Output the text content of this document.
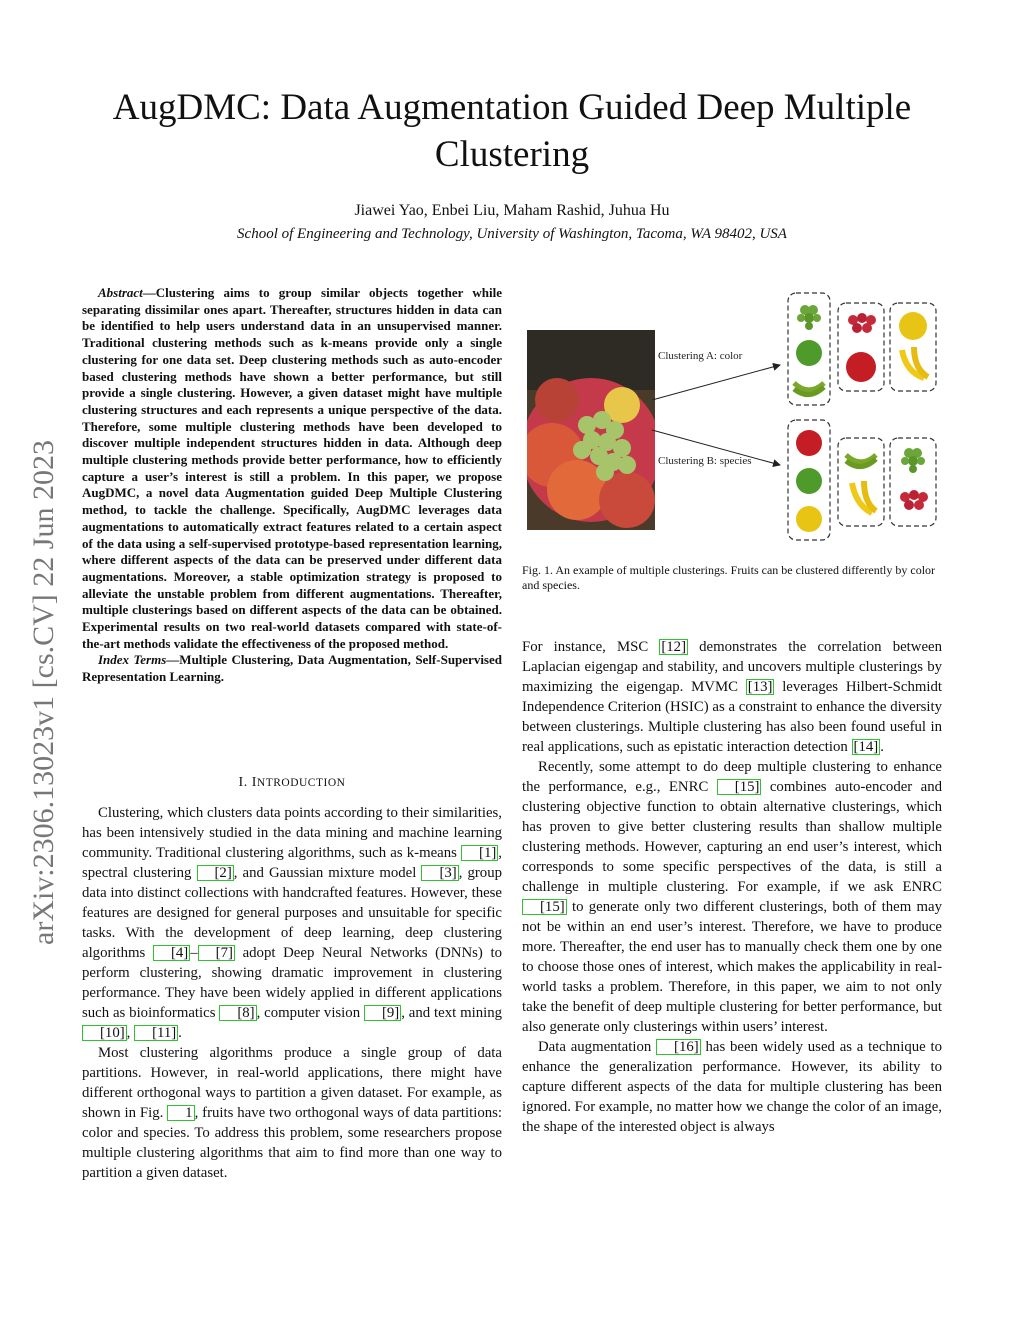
AugDMC: Data Augmentation Guided Deep Multiple Clustering
Jiawei Yao, Enbei Liu, Maham Rashid, Juhua Hu
School of Engineering and Technology, University of Washington, Tacoma, WA 98402, USA
arXiv:2306.13023v1 [cs.CV] 22 Jun 2023

Abstract—Clustering aims to group similar objects together while separating dissimilar ones apart. Thereafter, structures hidden in data can be identified to help users understand data in an unsupervised manner. Traditional clustering methods such as k-means provide only a single clustering for one data set. Deep clustering methods such as auto-encoder based clustering methods have shown a better performance, but still provide a single clustering. However, a given dataset might have multiple clustering structures and each represents a unique perspective of the data. Therefore, some multiple clustering methods have been developed to discover multiple independent structures hidden in data. Although deep multiple clustering methods provide better performance, how to efficiently capture a user’s interest is still a problem. In this paper, we propose AugDMC, a novel data Augmentation guided Deep Multiple Clustering method, to tackle the challenge. Specifically, AugDMC leverages data augmentations to automatically extract features related to a certain aspect of the data using a self-supervised prototype-based representation learning, where different aspects of the data can be preserved under different data augmentations. Moreover, a stable optimization strategy is proposed to alleviate the unstable problem from different augmentations. Thereafter, multiple clusterings based on different aspects of the data can be obtained. Experimental results on two real-world datasets compared with state-of-the-art methods validate the effectiveness of the proposed method.

Index Terms—Multiple Clustering, Data Augmentation, Self-Supervised Representation Learning.

I. INTRODUCTION

Clustering, which clusters data points according to their similarities, has been intensively studied in the data mining and machine learning community. Traditional clustering algorithms, such as k-means [1] , spectral clustering [2] , and Gaussian mixture model [3] , group data into distinct collections with handcrafted features. However, these features are designed for general purposes and unsuitable for specific tasks. With the development of deep learning, deep clustering algorithms [4] – [7] adopt Deep Neural Networks (DNNs) to perform clustering, showing dramatic improvement in clustering performance. They have been widely applied in different applications such as bioinformatics [8] , computer vision [9] , and text mining [10] , [11] .

Most clustering algorithms produce a single group of data partitions. However, in real-world applications, there might have different orthogonal ways to partition a given dataset. For example, as shown in Fig. 1 , fruits have two orthogonal ways of data partitions: color and species. To address this problem, some researchers propose multiple clustering algorithms that aim to find more than one way to partition a given dataset.

Clustering A: color
Clustering B: species
Fig. 1. An example of multiple clusterings. Fruits can be clustered differently by color and species.

For instance, MSC [12] demonstrates the correlation between Laplacian eigengap and stability, and uncovers multiple clusterings by maximizing the eigengap. MVMC [13] leverages Hilbert-Schmidt Independence Criterion (HSIC) as a constraint to enhance the diversity between clusterings. Multiple clustering has also been found useful in real applications, such as epistatic interaction detection [14] .

Recently, some attempt to do deep multiple clustering to enhance the performance, e.g., ENRC [15] combines auto-encoder and clustering objective function to obtain alternative clusterings, which has proven to give better clustering results than shallow multiple clustering methods. However, capturing an end user’s interest, which corresponds to some specific perspectives of the data, is still a challenge in multiple clustering. For example, if we ask ENRC [15] to generate only two different clusterings, both of them may not be within an end user’s interest. Therefore, we have to produce more. Thereafter, the end user has to manually check them one by one to choose those ones of interest, which makes the applicability in real-world tasks a problem. Therefore, in this paper, we aim to not only take the benefit of deep multiple clustering for better performance, but also generate only clusterings within users’ interest.

Data augmentation [16] has been widely used as a technique to enhance the generalization performance. However, its ability to capture different aspects of the data for multiple clustering has been ignored. For example, no matter how we change the color of an image, the shape of the interested object is always
